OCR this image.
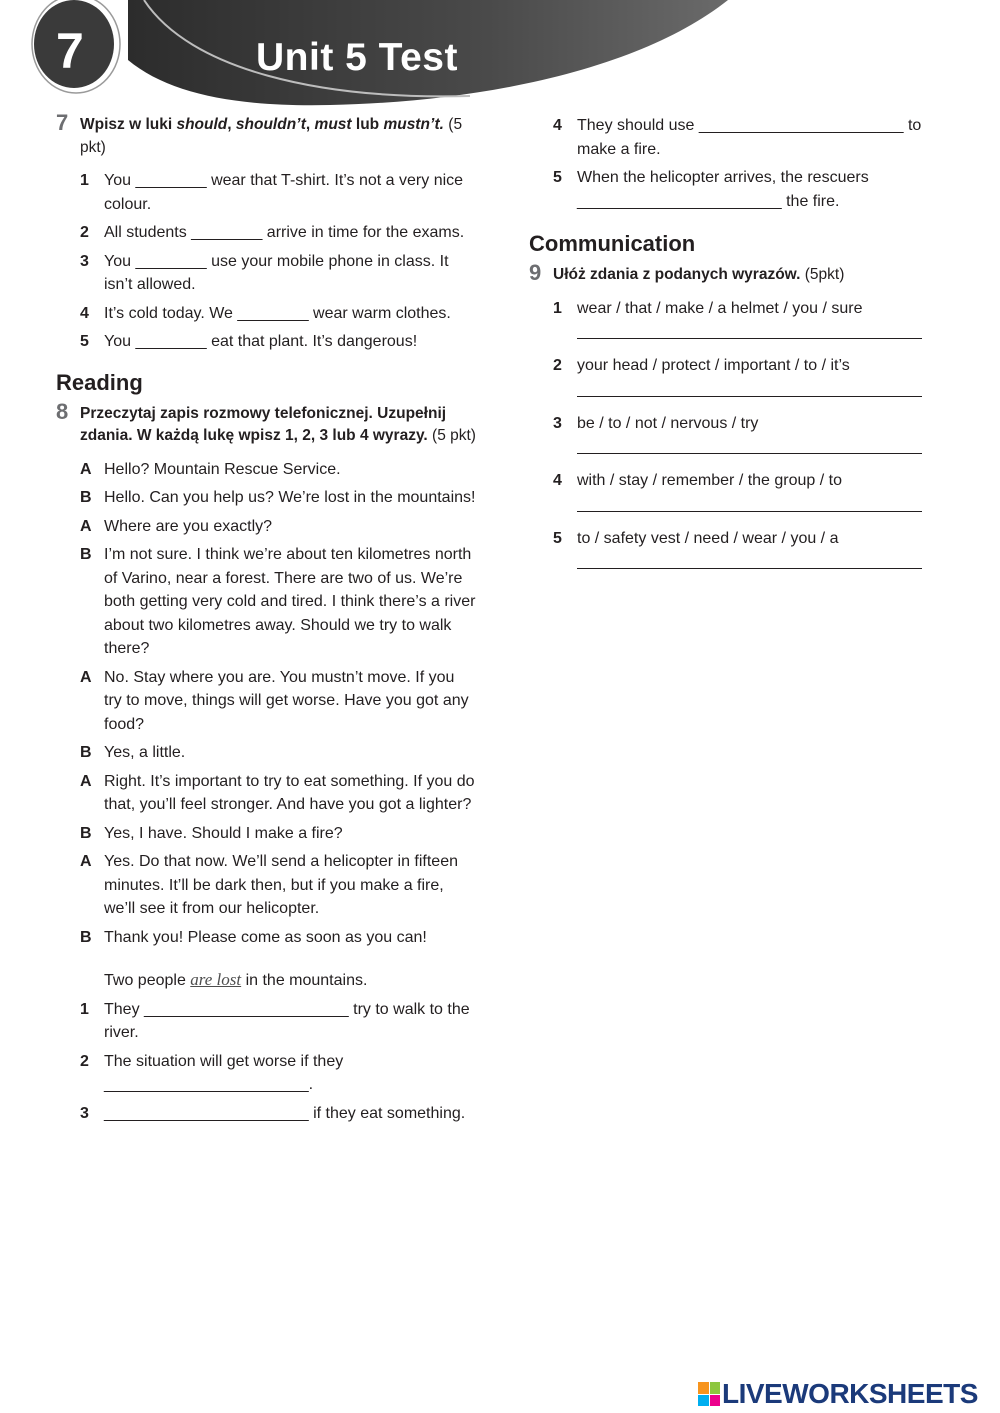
7	Unit 5 Test
7 Wpisz w luki should, shouldn’t, must lub mustn’t. (5 pkt)
1 You ________ wear that T-shirt. It’s not a very nice colour.
2 All students ________ arrive in time for the exams.
3 You ________ use your mobile phone in class. It isn’t allowed.
4 It’s cold today. We ________ wear warm clothes.
5 You ________ eat that plant. It’s dangerous!
Reading
8 Przeczytaj zapis rozmowy telefonicznej. Uzupełnij zdania. W każdą lukę wpisz 1, 2, 3 lub 4 wyrazy. (5 pkt)
A Hello? Mountain Rescue Service.
B Hello. Can you help us? We’re lost in the mountains!
A Where are you exactly?
B I’m not sure. I think we’re about ten kilometres north of Varino, near a forest. There are two of us. We’re both getting very cold and tired. I think there’s a river about two kilometres away. Should we try to walk there?
A No. Stay where you are. You mustn’t move. If you try to move, things will get worse. Have you got any food?
B Yes, a little.
A Right. It’s important to try to eat something. If you do that, you’ll feel stronger. And have you got a lighter?
B Yes, I have. Should I make a fire?
A Yes. Do that now. We’ll send a helicopter in fifteen minutes. It’ll be dark then, but if you make a fire, we’ll see it from our helicopter.
B Thank you! Please come as soon as you can!
Two people are lost in the mountains.
1 They _______________________ try to walk to the river.
2 The situation will get worse if they _______________________.
3 _______________________ if they eat something.
4 They should use _______________________ to make a fire.
5 When the helicopter arrives, the rescuers _______________________ the fire.
Communication
9 Ułóż zdania z podanych wyrazów. (5pkt)
1 wear / that / make / a helmet / you / sure
2 your head / protect / important / to / it’s
3 be / to / not / nervous / try
4 with / stay / remember / the group / to
5 to / safety vest / need / wear / you / a
LIVEWORKSHEETS
